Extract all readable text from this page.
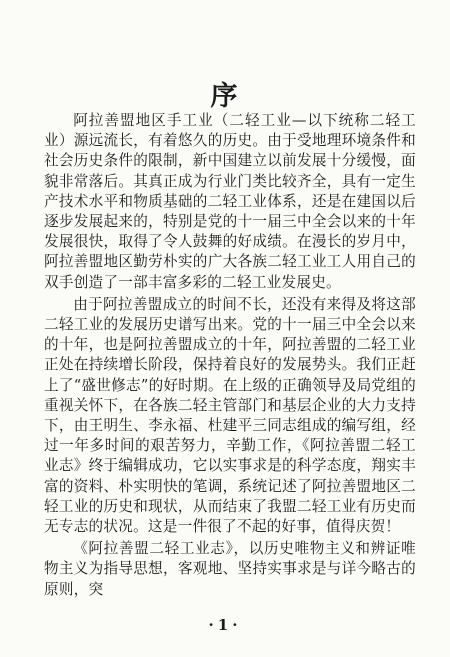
序

阿拉善盟地区手工业（二轻工业—以下统称二轻工业）源远流长，有着悠久的历史。由于受地理环境条件和社会历史条件的限制，新中国建立以前发展十分缓慢，面貌非常落后。其真正成为行业门类比较齐全，具有一定生产技术水平和物质基础的二轻工业体系，还是在建国以后逐步发展起来的，特别是党的十一届三中全会以来的十年发展很快，取得了令人鼓舞的好成绩。在漫长的岁月中，阿拉善盟地区勤劳朴实的广大各族二轻工业工人用自己的双手创造了一部丰富多彩的二轻工业发展史。

由于阿拉善盟成立的时间不长，还没有来得及将这部二轻工业的发展历史谱写出来。党的十一届三中全会以来的十年，也是阿拉善盟成立的十年，阿拉善盟的二轻工业正处在持续增长阶段，保持着良好的发展势头。我们正赶上了“盛世修志”的好时期。在上级的正确领导及局党组的重视关怀下，在各族二轻主管部门和基层企业的大力支持下，由王明生、李永福、杜建平三同志组成的编写组，经过一年多时间的艰苦努力，辛勤工作，《阿拉善盟二轻工业志》终于编辑成功，它以实事求是的科学态度，翔实丰富的资料、朴实明快的笔调，系统记述了阿拉善盟地区二轻工业的历史和现状，从而结束了我盟二轻工业有历史而无专志的状况。这是一件很了不起的好事，值得庆贺！

《阿拉善盟二轻工业志》，以历史唯物主义和辨证唯物主义为指导思想，客观地、坚持实事求是与详今略古的原则，突

·1·
